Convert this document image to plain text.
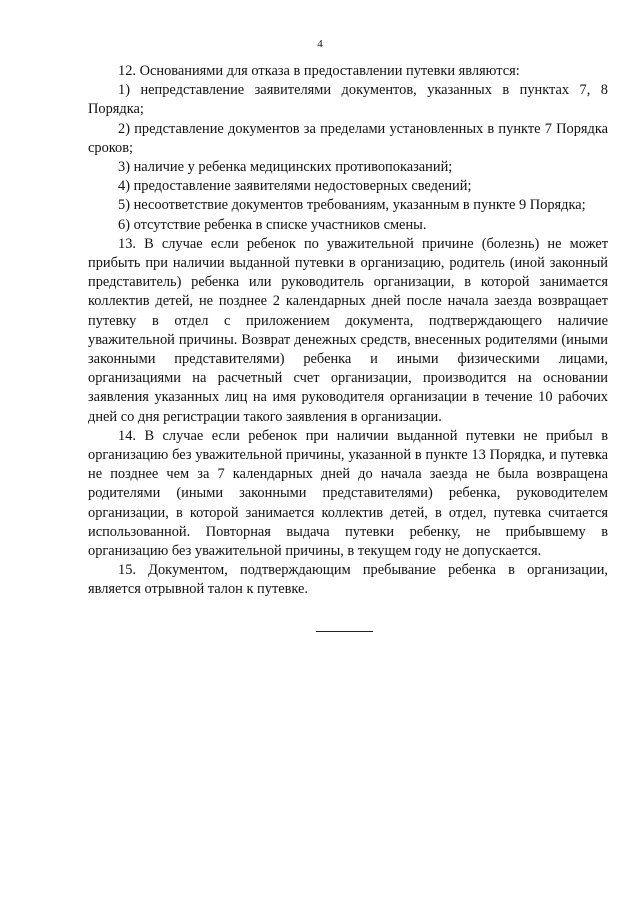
4

12. Основаниями для отказа в предоставлении путевки являются:

1) непредставление заявителями документов, указанных в пунктах 7, 8 Порядка;

2) представление документов за пределами установленных в пункте 7 Порядка сроков;

3) наличие у ребенка медицинских противопоказаний;

4) предоставление заявителями недостоверных сведений;

5) несоответствие документов требованиям, указанным в пункте 9 Порядка;

6) отсутствие ребенка в списке участников смены.

13. В случае если ребенок по уважительной причине (болезнь) не может прибыть при наличии выданной путевки в организацию, родитель (иной законный представитель) ребенка или руководитель организации, в которой занимается коллектив детей, не позднее 2 календарных дней после начала заезда возвращает путевку в отдел с приложением документа, подтверждающего наличие уважительной причины. Возврат денежных средств, внесенных родителями (иными законными представителями) ребенка и иными физическими лицами, организациями на расчетный счет организации, производится на основании заявления указанных лиц на имя руководителя организации в течение 10 рабочих дней со дня регистрации такого заявления в организации.

14. В случае если ребенок при наличии выданной путевки не прибыл в организацию без уважительной причины, указанной в пункте 13 Порядка, и путевка не позднее чем за 7 календарных дней до начала заезда не была возвращена родителями (иными законными представителями) ребенка, руководителем организации, в которой занимается коллектив детей, в отдел, путевка считается использованной. Повторная выдача путевки ребенку, не прибывшему в организацию без уважительной причины, в текущем году не допускается.

15. Документом, подтверждающим пребывание ребенка в организации, является отрывной талон к путевке.
